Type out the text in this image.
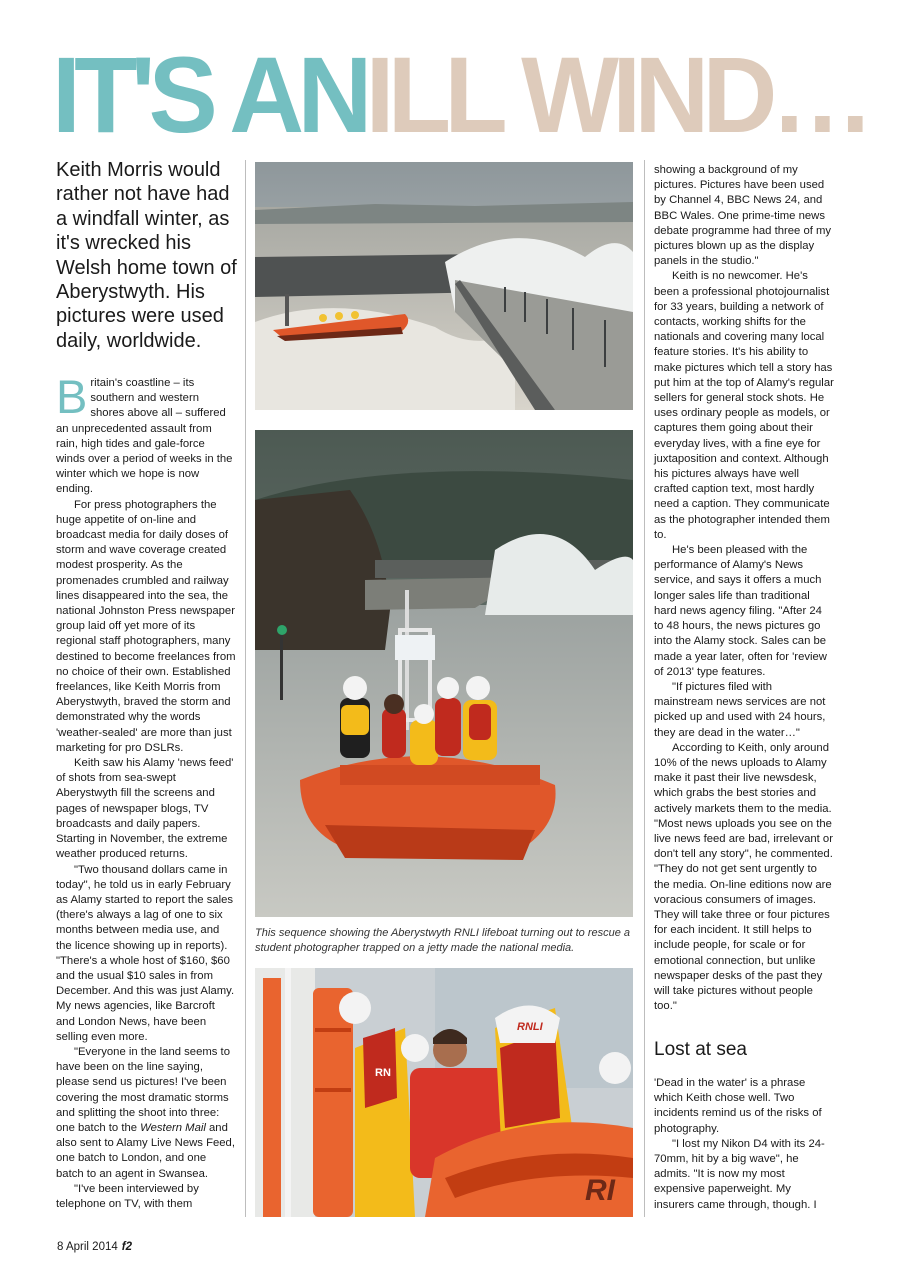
IT'S ANILL WIND…
Keith Morris would rather not have had a windfall winter, as it's wrecked his Welsh home town of Aberystwyth. His pictures were used daily, worldwide.

Britain's coastline – its southern and western shores above all – suffered an unprecedented assault from rain, high tides and gale-force winds over a period of weeks in the winter which we hope is now ending.

For press photographers the huge appetite of on-line and broadcast media for daily doses of storm and wave coverage created modest prosperity. As the promenades crumbled and railway lines disappeared into the sea, the national Johnston Press newspaper group laid off yet more of its regional staff photographers, many destined to become freelances from no choice of their own. Established freelances, like Keith Morris from Aberystwyth, braved the storm and demonstrated why the words 'weather-sealed' are more than just marketing for pro DSLRs.

Keith saw his Alamy 'news feed' of shots from sea-swept Aberystwyth fill the screens and pages of newspaper blogs, TV broadcasts and daily papers. Starting in November, the extreme weather produced returns.

"Two thousand dollars came in today", he told us in early February as Alamy started to report the sales (there's always a lag of one to six months between media use, and the licence showing up in reports). "There's a whole host of $160, $60 and the usual $10 sales in from December. And this was just Alamy. My news agencies, like Barcroft and London News, have been selling even more.

"Everyone in the land seems to have been on the line saying, please send us pictures! I've been covering the most dramatic storms and splitting the shoot into three: one batch to the Western Mail and also sent to Alamy Live News Feed, one batch to London, and one batch to an agent in Swansea.

"I've been interviewed by telephone on TV, with them

This sequence showing the Aberystwyth RNLI lifeboat turning out to rescue a student photographer trapped on a jetty made the national media.
RN
RNLI
RI

showing a background of my pictures. Pictures have been used by Channel 4, BBC News 24, and BBC Wales. One prime-time news debate programme had three of my pictures blown up as the display panels in the studio."

Keith is no newcomer. He's been a professional photojournalist for 33 years, building a network of contacts, working shifts for the nationals and covering many local feature stories. It's his ability to make pictures which tell a story has put him at the top of Alamy's regular sellers for general stock shots. He uses ordinary people as models, or captures them going about their everyday lives, with a fine eye for juxtaposition and context. Although his pictures always have well crafted caption text, most hardly need a caption. They communicate as the photographer intended them to.

He's been pleased with the performance of Alamy's News service, and says it offers a much longer sales life than traditional hard news agency filing. "After 24 to 48 hours, the news pictures go into the Alamy stock. Sales can be made a year later, often for 'review of 2013' type features.

"If pictures filed with mainstream news services are not picked up and used with 24 hours, they are dead in the water…"

According to Keith, only around 10% of the news uploads to Alamy make it past their live newsdesk, which grabs the best stories and actively markets them to the media. "Most news uploads you see on the live news feed are bad, irrelevant or don't tell any story", he commented. "They do not get sent urgently to the media. On-line editions now are voracious consumers of images. They will take three or four pictures for each incident. It still helps to include people, for scale or for emotional connection, but unlike newspaper desks of the past they will take pictures without people too."

Lost at sea

'Dead in the water' is a phrase which Keith chose well. Two incidents remind us of the risks of photography.

"I lost my Nikon D4 with its 24-70mm, hit by a big wave", he admits. "It is now my most expensive paperweight. My insurers came through, though. I

8 April 2014 f2
